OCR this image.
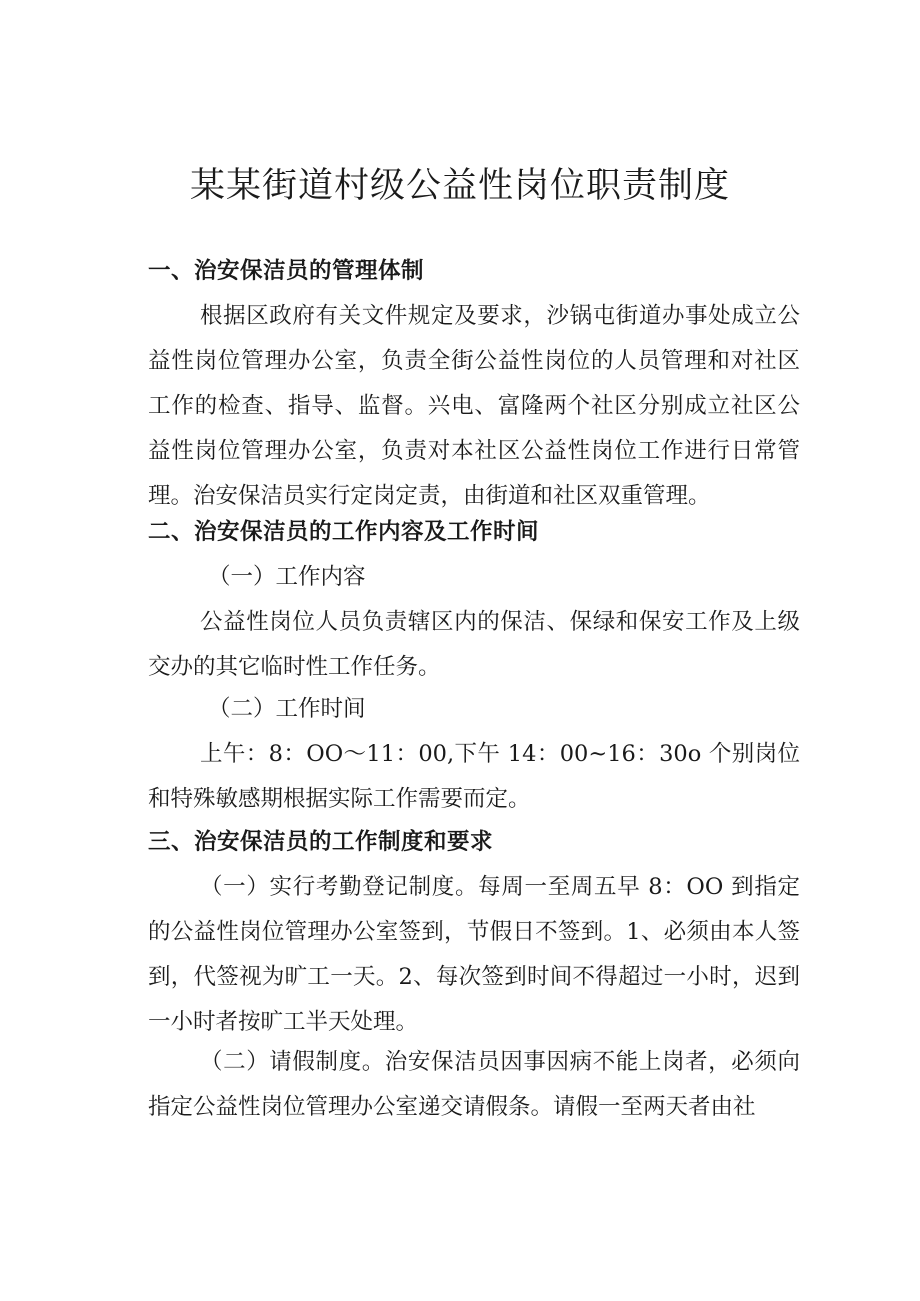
某某街道村级公益性岗位职责制度
一、治安保洁员的管理体制

根据区政府有关文件规定及要求，沙锅屯街道办事处成立公益性岗位管理办公室，负责全街公益性岗位的人员管理和对社区工作的检查、指导、监督。兴电、富隆两个社区分别成立社区公益性岗位管理办公室，负责对本社区公益性岗位工作进行日常管理。治安保洁员实行定岗定责，由街道和社区双重管理。

二、治安保洁员的工作内容及工作时间
（一）工作内容

公益性岗位人员负责辖区内的保洁、保绿和保安工作及上级交办的其它临时性工作任务。

（二）工作时间

上午：8：OO～11：00,下午 14：00~16：30o 个别岗位和特殊敏感期根据实际工作需要而定。

三、治安保洁员的工作制度和要求

（一）实行考勤登记制度。每周一至周五早 8：OO 到指定的公益性岗位管理办公室签到，节假日不签到。1、必须由本人签到，代签视为旷工一天。2、每次签到时间不得超过一小时，迟到一小时者按旷工半天处理。

（二）请假制度。治安保洁员因事因病不能上岗者，必须向指定公益性岗位管理办公室递交请假条。请假一至两天者由社
